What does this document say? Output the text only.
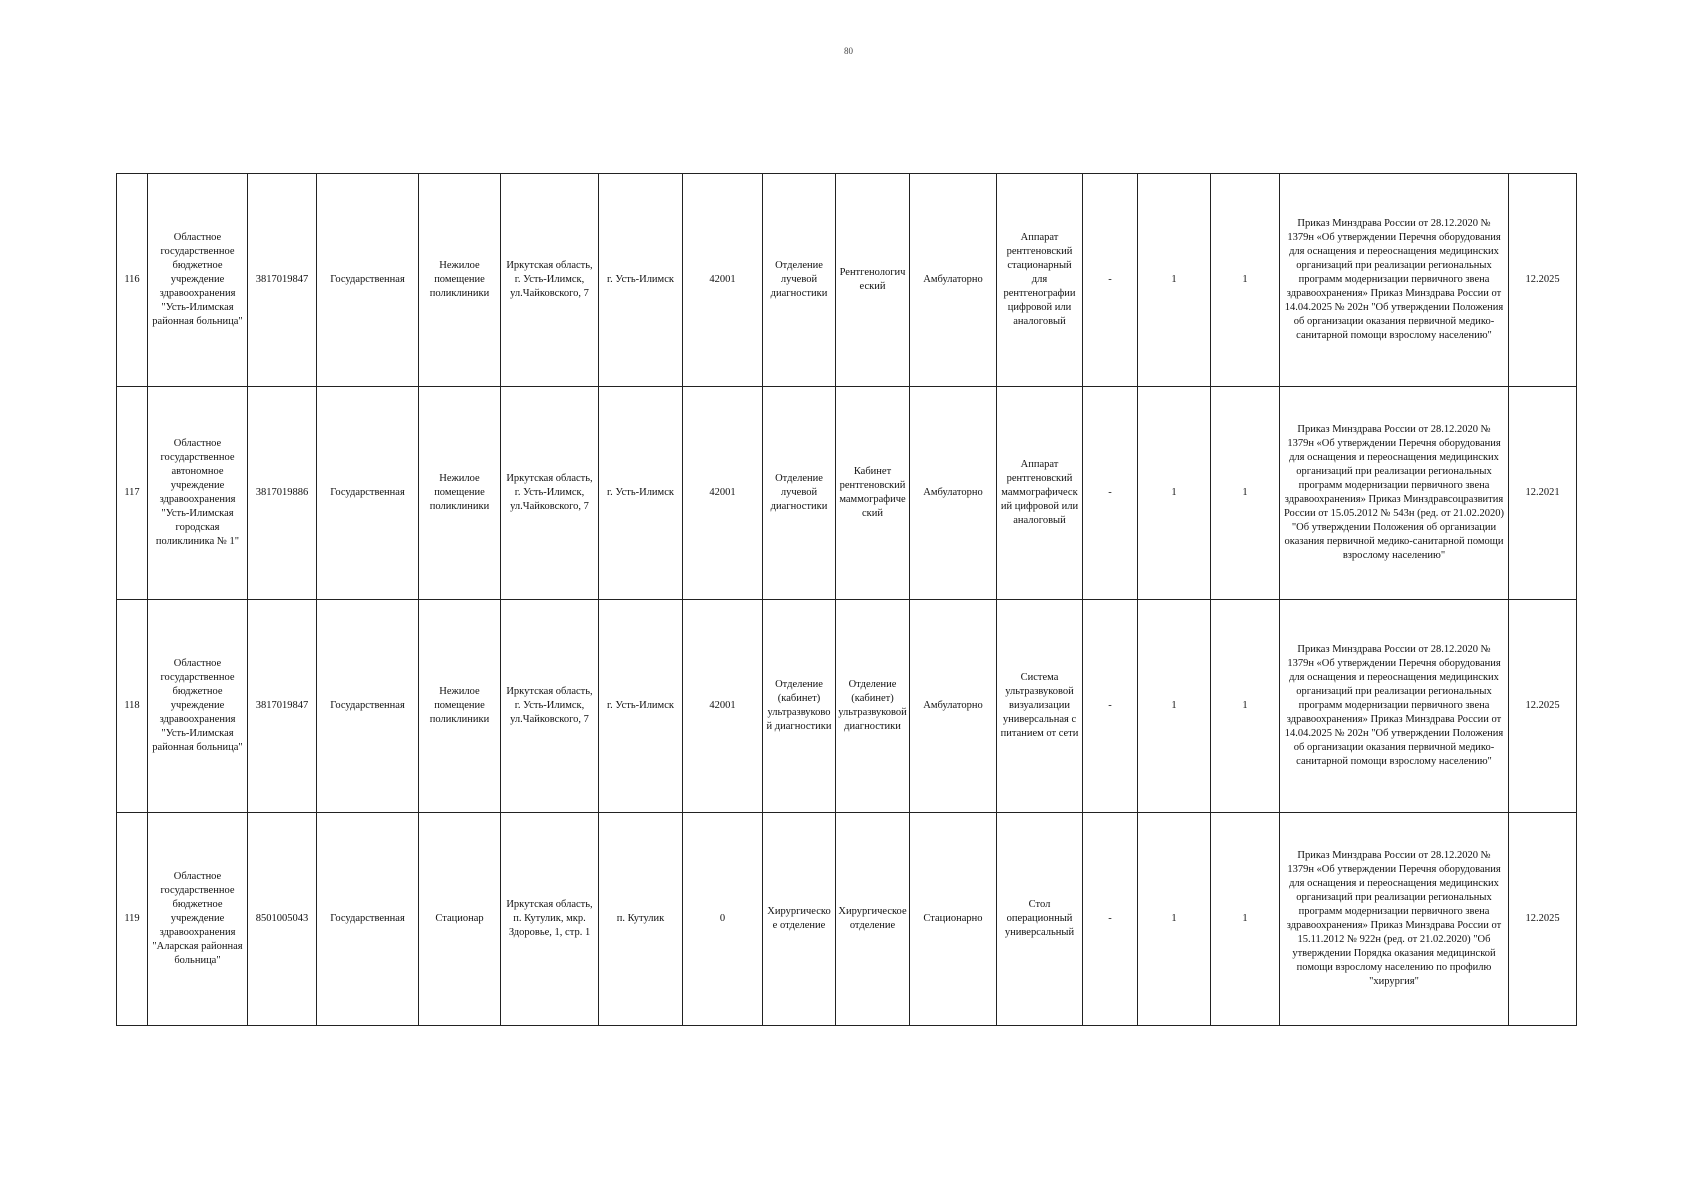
80
116	Областное государственное бюджетное учреждение здравоохранения "Усть-Илимская районная больница"	3817019847	Государственная	Нежилое помещение поликлиники	Иркутская область, г. Усть-Илимск, ул.Чайковского, 7	г. Усть-Илимск	42001	Отделение лучевой диагностики	Рентгенологический	Амбулаторно	Аппарат рентгеновский стационарный для рентгенографии цифровой или аналоговый	-	1	1	Приказ Минздрава России от 28.12.2020 № 1379н «Об утверждении Перечня оборудования для оснащения и переоснащения медицинских организаций при реализации региональных программ модернизации первичного звена здравоохранения» Приказ Минздрава России от 14.04.2025 № 202н "Об утверждении Положения об организации оказания первичной медико-санитарной помощи взрослому населению"	12.2025
117	Областное государственное автономное учреждение здравоохранения "Усть-Илимская городская поликлиника № 1"	3817019886	Государственная	Нежилое помещение поликлиники	Иркутская область, г. Усть-Илимск, ул.Чайковского, 7	г. Усть-Илимск	42001	Отделение лучевой диагностики	Кабинет рентгеновский маммографический	Амбулаторно	Аппарат рентгеновский маммографический цифровой или аналоговый	-	1	1	Приказ Минздрава России от 28.12.2020 № 1379н «Об утверждении Перечня оборудования для оснащения и переоснащения медицинских организаций при реализации региональных программ модернизации первичного звена здравоохранения» Приказ Минздравсоцразвития России от 15.05.2012 № 543н (ред. от 21.02.2020) "Об утверждении Положения об организации оказания первичной медико-санитарной помощи взрослому населению"	12.2021
118	Областное государственное бюджетное учреждение здравоохранения "Усть-Илимская районная больница"	3817019847	Государственная	Нежилое помещение поликлиники	Иркутская область, г. Усть-Илимск, ул.Чайковского, 7	г. Усть-Илимск	42001	Отделение (кабинет) ультразвуковой диагностики	Отделение (кабинет) ультразвуковой диагностики	Амбулаторно	Система ультразвуковой визуализации универсальная с питанием от сети	-	1	1	Приказ Минздрава России от 28.12.2020 № 1379н «Об утверждении Перечня оборудования для оснащения и переоснащения медицинских организаций при реализации региональных программ модернизации первичного звена здравоохранения» Приказ Минздрава России от 14.04.2025 № 202н "Об утверждении Положения об организации оказания первичной медико-санитарной помощи взрослому населению"	12.2025
119	Областное государственное бюджетное учреждение здравоохранения "Аларская районная больница"	8501005043	Государственная	Стационар	Иркутская область, п. Кутулик, мкр. Здоровье, 1, стр. 1	п. Кутулик	0	Хирургическое отделение	Хирургическое отделение	Стационарно	Стол операционный универсальный	-	1	1	Приказ Минздрава России от 28.12.2020 № 1379н «Об утверждении Перечня оборудования для оснащения и переоснащения медицинских организаций при реализации региональных программ модернизации первичного звена здравоохранения» Приказ Минздрава России от 15.11.2012 № 922н (ред. от 21.02.2020) "Об утверждении Порядка оказания медицинской помощи взрослому населению по профилю "хирургия"	12.2025
